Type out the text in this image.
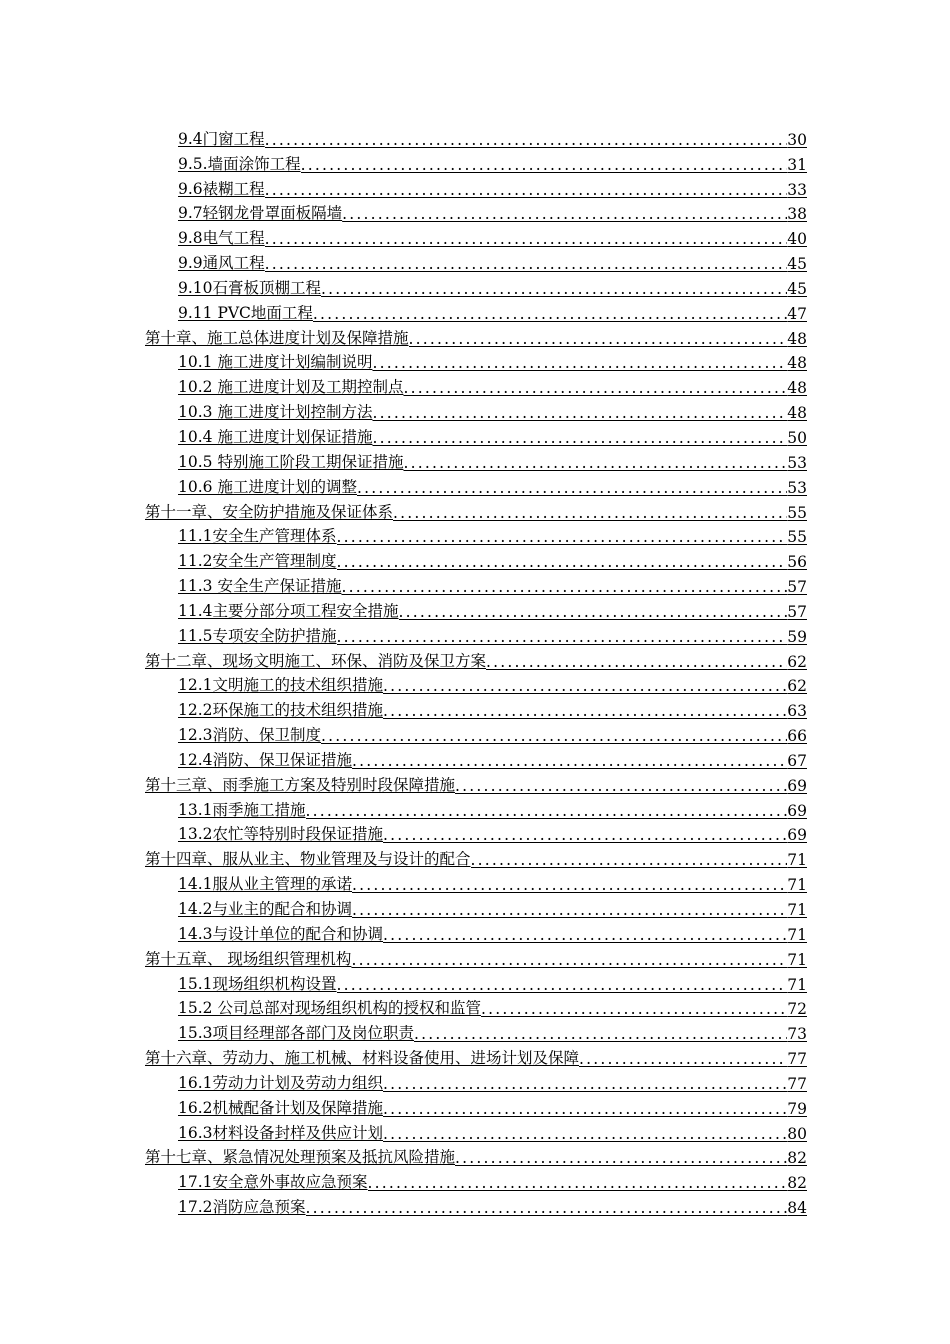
9.4门窗工程 .....	30
9.5.墙面涂饰工程 .....	31
9.6裱糊工程 .....	33
9.7轻钢龙骨罩面板隔墙 .....	38
9.8电气工程 .....	40
9.9通风工程 .....	45
9.10石膏板顶棚工程 .....	45
9.11 PVC地面工程 .....	47
第十章、施工总体进度计划及保障措施 .....	48
10.1 施工进度计划编制说明 .....	48
10.2 施工进度计划及工期控制点 .....	48
10.3 施工进度计划控制方法 .....	48
10.4 施工进度计划保证措施 .....	50
10.5 特别施工阶段工期保证措施 .....	53
10.6 施工进度计划的调整 .....	53
第十一章、安全防护措施及保证体系 .....	55
11.1安全生产管理体系 .....	55
11.2安全生产管理制度 .....	56
11.3 安全生产保证措施 .....	57
11.4主要分部分项工程安全措施 .....	57
11.5专项安全防护措施 .....	59
第十二章、现场文明施工、环保、消防及保卫方案 .....	62
12.1文明施工的技术组织措施 .....	62
12.2环保施工的技术组织措施 .....	63
12.3消防、保卫制度 .....	66
12.4消防、保卫保证措施 .....	67
第十三章、雨季施工方案及特别时段保障措施 .....	69
13.1雨季施工措施 .....	69
13.2农忙等特别时段保证措施 .....	69
第十四章、服从业主、物业管理及与设计的配合 .....	71
14.1服从业主管理的承诺 .....	71
14.2与业主的配合和协调 .....	71
14.3与设计单位的配合和协调 .....	71
第十五章、 现场组织管理机构 .....	71
15.1现场组织机构设置 .....	71
15.2 公司总部对现场组织机构的授权和监管 .....	72
15.3项目经理部各部门及岗位职责 .....	73
第十六章、劳动力、施工机械、材料设备使用、进场计划及保障 .....	77
16.1劳动力计划及劳动力组织 .....	77
16.2机械配备计划及保障措施 .....	79
16.3材料设备封样及供应计划 .....	80
第十七章、紧急情况处理预案及抵抗风险措施 .....	82
17.1安全意外事故应急预案 .....	82
17.2消防应急预案 .....	84
